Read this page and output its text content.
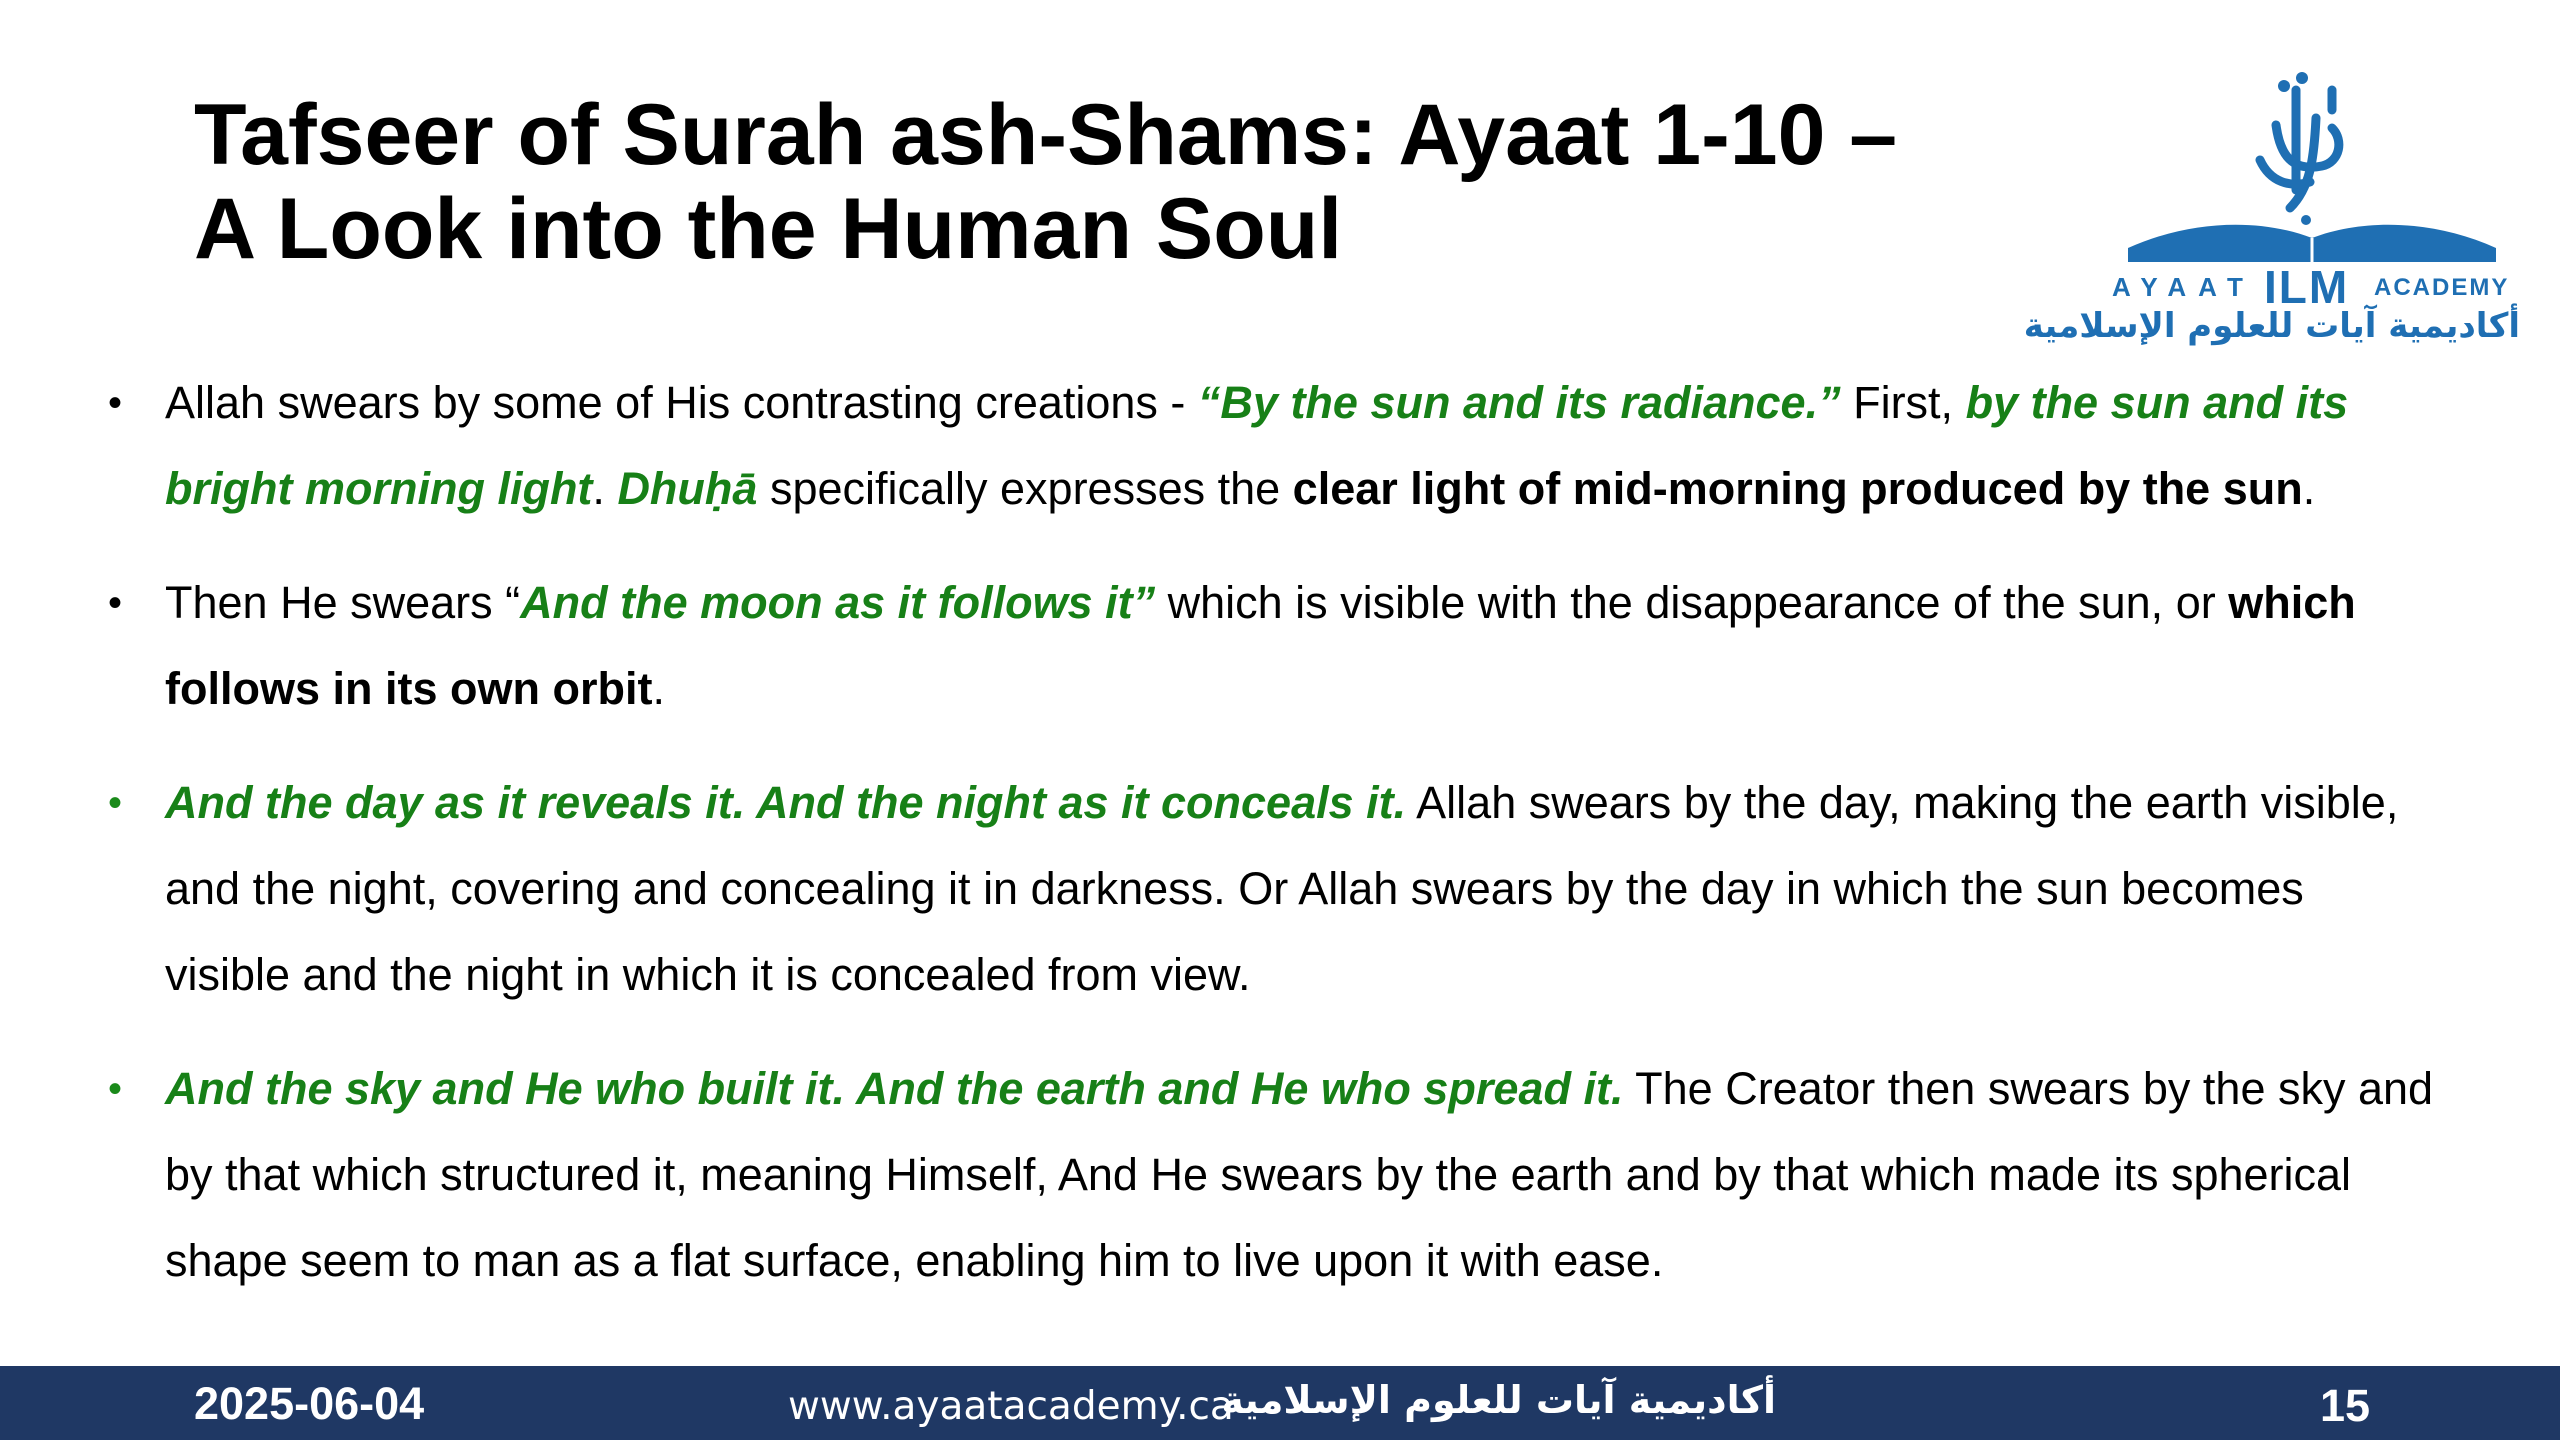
Tafseer of Surah ash-Shams: Ayaat 1-10 –
A Look into the Human Soul
AYAAT ILM ACADEMY
أكاديمية آيات للعلوم الإسلامية
• Allah swears by some of His contrasting creations - “By the sun and its radiance.” First, by the sun and its bright morning light. Dhuḥā specifically expresses the clear light of mid-morning produced by the sun.
• Then He swears “And the moon as it follows it” which is visible with the disappearance of the sun, or which follows in its own orbit.
• And the day as it reveals it. And the night as it conceals it. Allah swears by the day, making the earth visible, and the night, covering and concealing it in darkness. Or Allah swears by the day in which the sun becomes visible and the night in which it is concealed from view.
• And the sky and He who built it. And the earth and He who spread it. The Creator then swears by the sky and by that which structured it, meaning Himself, And He swears by the earth and by that which made its spherical shape seem to man as a flat surface, enabling him to live upon it with ease.
2025-06-04	www.ayaatacademy.ca
أكاديمية آيات للعلوم الإسلامية	15
